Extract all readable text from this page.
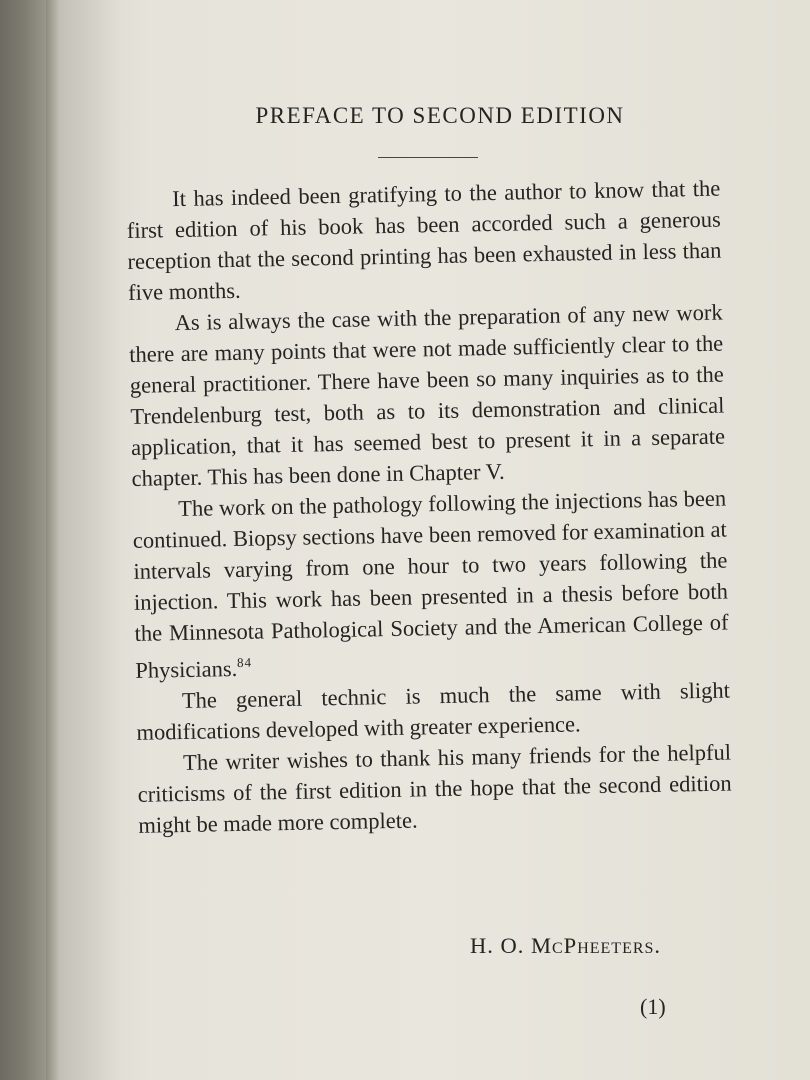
PREFACE TO SECOND EDITION

It has indeed been gratifying to the author to know that the first edition of his book has been accorded such a generous reception that the second printing has been exhausted in less than five months.

As is always the case with the preparation of any new work there are many points that were not made sufficiently clear to the general practitioner. There have been so many inquiries as to the Trendelenburg test, both as to its demonstration and clinical application, that it has seemed best to present it in a separate chapter. This has been done in Chapter V.

The work on the pathology following the injections has been continued. Biopsy sections have been removed for examination at intervals varying from one hour to two years following the injection. This work has been presented in a thesis before both the Minnesota Pathological Society and the American College of Physicians.$^{84}$

The general technic is much the same with slight modifications developed with greater experience.

The writer wishes to thank his many friends for the helpful criticisms of the first edition in the hope that the second edition might be made more complete.

H. O. McPheeters.
(1)
